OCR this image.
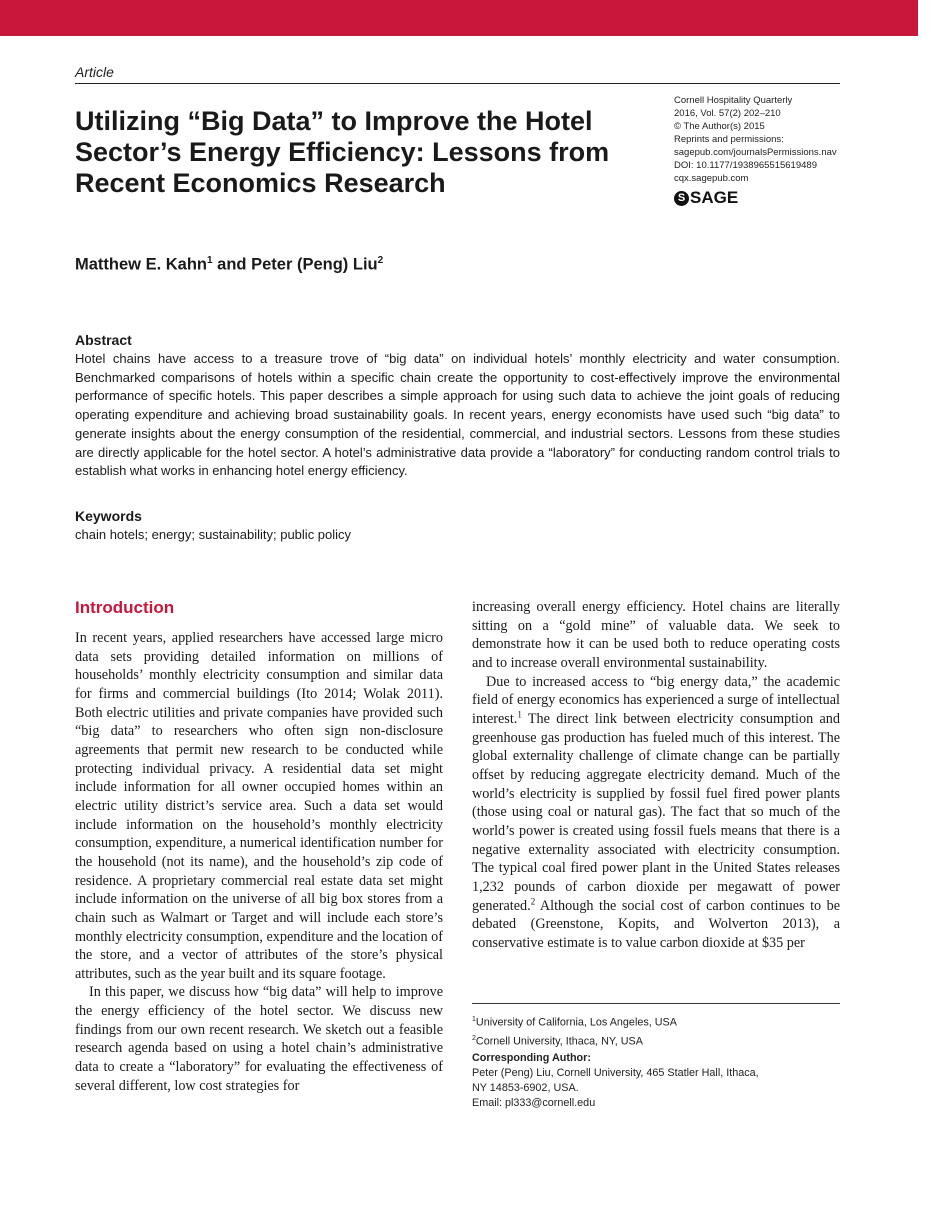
Article
Utilizing “Big Data” to Improve the Hotel Sector’s Energy Efficiency: Lessons from Recent Economics Research
Cornell Hospitality Quarterly
2016, Vol. 57(2) 202–210
© The Author(s) 2015
Reprints and permissions:
sagepub.com/journalsPermissions.nav
DOI: 10.1177/1938965515619489
cqx.sagepub.com
S SAGE
Matthew E. Kahn$^1$ and Peter (Peng) Liu$^2$
Abstract

Hotel chains have access to a treasure trove of “big data” on individual hotels’ monthly electricity and water consumption. Benchmarked comparisons of hotels within a specific chain create the opportunity to cost-effectively improve the environmental performance of specific hotels. This paper describes a simple approach for using such data to achieve the joint goals of reducing operating expenditure and achieving broad sustainability goals. In recent years, energy economists have used such “big data” to generate insights about the energy consumption of the residential, commercial, and industrial sectors. Lessons from these studies are directly applicable for the hotel sector. A hotel’s administrative data provide a “laboratory” for conducting random control trials to establish what works in enhancing hotel energy efficiency.

Keywords
chain hotels; energy; sustainability; public policy
Introduction

In recent years, applied researchers have accessed large micro data sets providing detailed information on millions of households’ monthly electricity consumption and similar data for firms and commercial buildings (Ito 2014; Wolak 2011). Both electric utilities and private companies have provided such “big data” to researchers who often sign non-disclosure agreements that permit new research to be conducted while protecting individual privacy. A residential data set might include information for all owner occupied homes within an electric utility district’s service area. Such a data set would include information on the household’s monthly electricity consumption, expenditure, a numerical identification number for the household (not its name), and the household’s zip code of residence. A proprietary commercial real estate data set might include information on the universe of all big box stores from a chain such as Walmart or Target and will include each store’s monthly electricity consumption, expenditure and the location of the store, and a vector of attributes of the store’s physical attributes, such as the year built and its square footage.

In this paper, we discuss how “big data” will help to improve the energy efficiency of the hotel sector. We discuss new findings from our own recent research. We sketch out a feasible research agenda based on using a hotel chain’s administrative data to create a “laboratory” for evaluating the effectiveness of several different, low cost strategies for

increasing overall energy efficiency. Hotel chains are literally sitting on a “gold mine” of valuable data. We seek to demonstrate how it can be used both to reduce operating costs and to increase overall environmental sustainability.

Due to increased access to “big energy data,” the academic field of energy economics has experienced a surge of intellectual interest.$^1$ The direct link between electricity consumption and greenhouse gas production has fueled much of this interest. The global externality challenge of climate change can be partially offset by reducing aggregate electricity demand. Much of the world’s electricity is supplied by fossil fuel fired power plants (those using coal or natural gas). The fact that so much of the world’s power is created using fossil fuels means that there is a negative externality associated with electricity consumption. The typical coal fired power plant in the United States releases 1,232 pounds of carbon dioxide per megawatt of power generated.$^2$ Although the social cost of carbon continues to be debated (Greenstone, Kopits, and Wolverton 2013), a conservative estimate is to value carbon dioxide at $35 per

$^1$University of California, Los Angeles, USA
$^2$Cornell University, Ithaca, NY, USA
Corresponding Author:
Peter (Peng) Liu, Cornell University, 465 Statler Hall, Ithaca,
NY 14853-6902, USA.
Email: pl333@cornell.edu
